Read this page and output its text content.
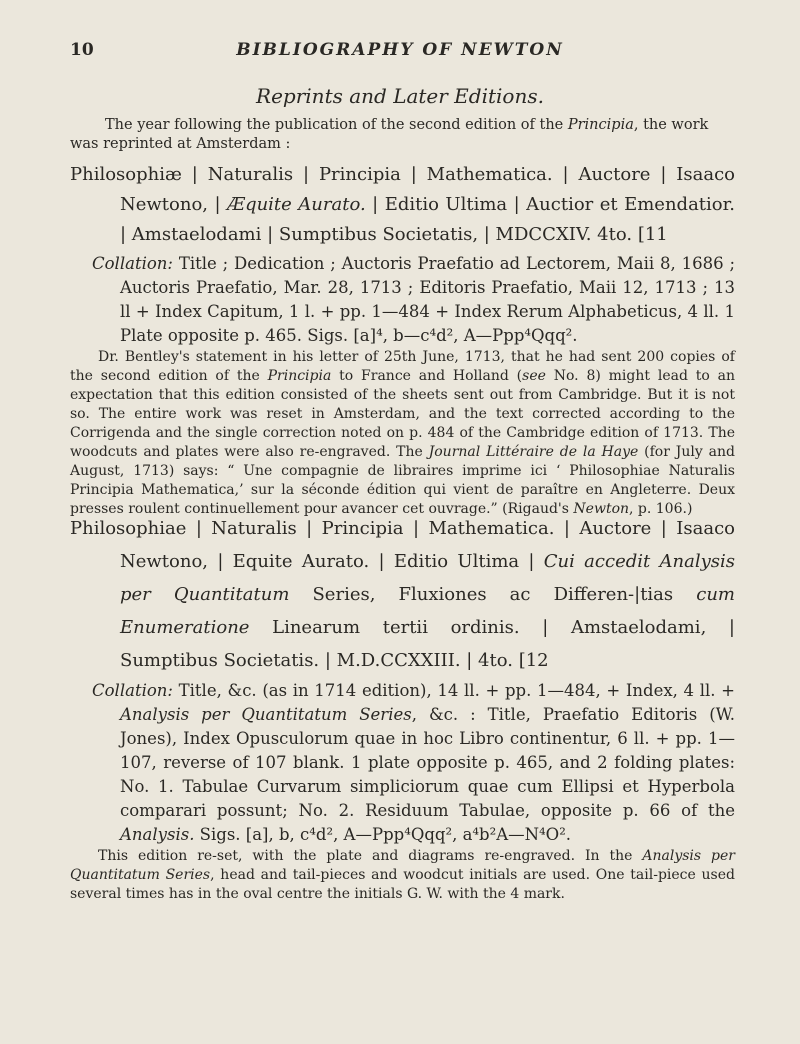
10	BIBLIOGRAPHY OF NEWTON
Reprints and Later Editions.

The year following the publication of the second edition of the Principia, the work was reprinted at Amsterdam :

Philosophiæ | Naturalis | Principia | Mathematica. | Auctore | Isaaco Newtono, | Æquite Aurato. | Editio Ultima | Auctior et Emendatior. | Amstaelodami | Sumptibus Societatis, | MDCCXIV. 4to. [11
Collation: Title ; Dedication ; Auctoris Praefatio ad Lectorem, Maii 8, 1686 ; Auctoris Praefatio, Mar. 28, 1713 ; Editoris Praefatio, Maii 12, 1713 ; 13 ll + Index Capitum, 1 l. + pp. 1—484 + Index Rerum Alphabeticus, 4 ll. 1 Plate opposite p. 465. Sigs. [a]⁴, b—c⁴d², A—Ppp⁴Qqq².
Dr. Bentley's statement in his letter of 25th June, 1713, that he had sent 200 copies of the second edition of the Principia to France and Holland (see No. 8) might lead to an expectation that this edition consisted of the sheets sent out from Cambridge. But it is not so. The entire work was reset in Amsterdam, and the text corrected according to the Corrigenda and the single correction noted on p. 484 of the Cambridge edition of 1713. The woodcuts and plates were also re-engraved. The Journal Littéraire de la Haye (for July and August, 1713) says: “ Une compagnie de libraires imprime ici ‘ Philosophiae Naturalis Principia Mathematica,’ sur la séconde édition qui vient de paraître en Angleterre. Deux presses roulent continuellement pour avancer cet ouvrage.” (Rigaud's Newton, p. 106.)
Philosophiae | Naturalis | Principia | Mathematica. | Auctore | Isaaco Newtono, | Equite Aurato. | Editio Ultima | Cui accedit Analysis per Quantitatum Series, Fluxiones ac Differen-|tias cum Enumeratione Linearum tertii ordinis. | Amstaelodami, | Sumptibus Societatis. | M.D.CCXXIII. | 4to. [12
Collation: Title, &c. (as in 1714 edition), 14 ll. + pp. 1—484, + Index, 4 ll. + Analysis per Quantitatum Series, &c. : Title, Praefatio Editoris (W. Jones), Index Opusculorum quae in hoc Libro continentur, 6 ll. + pp. 1—107, reverse of 107 blank. 1 plate opposite p. 465, and 2 folding plates: No. 1. Tabulae Curvarum simpliciorum quae cum Ellipsi et Hyperbola comparari possunt; No. 2. Residuum Tabulae, opposite p. 66 of the Analysis. Sigs. [a], b, c⁴d², A—Ppp⁴Qqq², a⁴b²A—N⁴O².
This edition re-set, with the plate and diagrams re-engraved. In the Analysis per Quantitatum Series, head and tail-pieces and woodcut initials are used. One tail-piece used several times has in the oval centre the initials G. W. with the 4 mark.
